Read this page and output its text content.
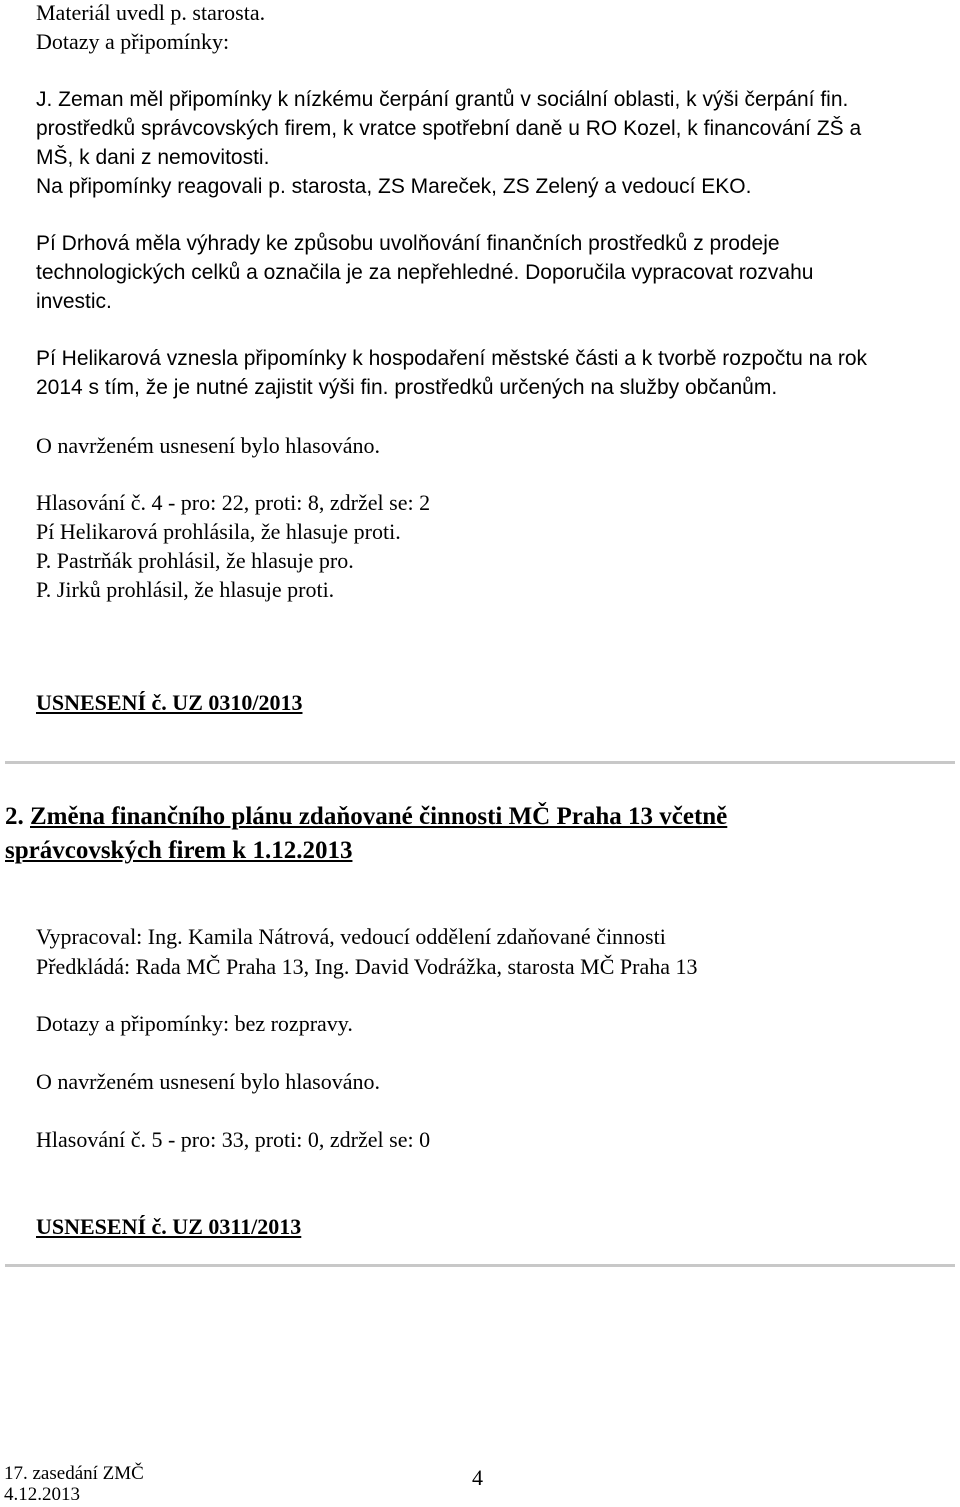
Materiál uvedl p. starosta.
Dotazy a připomínky:
J. Zeman měl připomínky k nízkému čerpání grantů v sociální oblasti, k výši čerpání fin.
prostředků správcovských firem, k vratce spotřební daně u RO Kozel, k financování ZŠ a
MŠ, k dani z nemovitosti.
Na připomínky reagovali p. starosta, ZS Mareček, ZS Zelený a vedoucí EKO.
Pí Drhová měla výhrady ke způsobu uvolňování finančních prostředků z prodeje
technologických celků a označila je za nepřehledné. Doporučila vypracovat rozvahu
investic.
Pí Helikarová vznesla připomínky k hospodaření městské části a k tvorbě rozpočtu na rok
2014 s tím, že je nutné zajistit výši fin. prostředků určených na služby občanům.
O navrženém usnesení bylo hlasováno.
Hlasování č. 4 - pro: 22, proti: 8, zdržel se: 2
Pí Helikarová prohlásila, že hlasuje proti.
P. Pastrňák prohlásil, že hlasuje pro.
P. Jirků prohlásil, že hlasuje proti.
USNESENÍ č. UZ 0310/2013
2. Změna finančního plánu zdaňované činnosti MČ Praha 13 včetně
správcovských firem k 1.12.2013
Vypracoval: Ing. Kamila Nátrová, vedoucí oddělení zdaňované činnosti
Předkládá: Rada MČ Praha 13, Ing. David Vodrážka, starosta MČ Praha 13
Dotazy a připomínky: bez rozpravy.
O navrženém usnesení bylo hlasováno.
Hlasování č. 5 - pro: 33, proti: 0, zdržel se: 0
USNESENÍ č. UZ 0311/2013
17. zasedání ZMČ
4.12.2013
4
